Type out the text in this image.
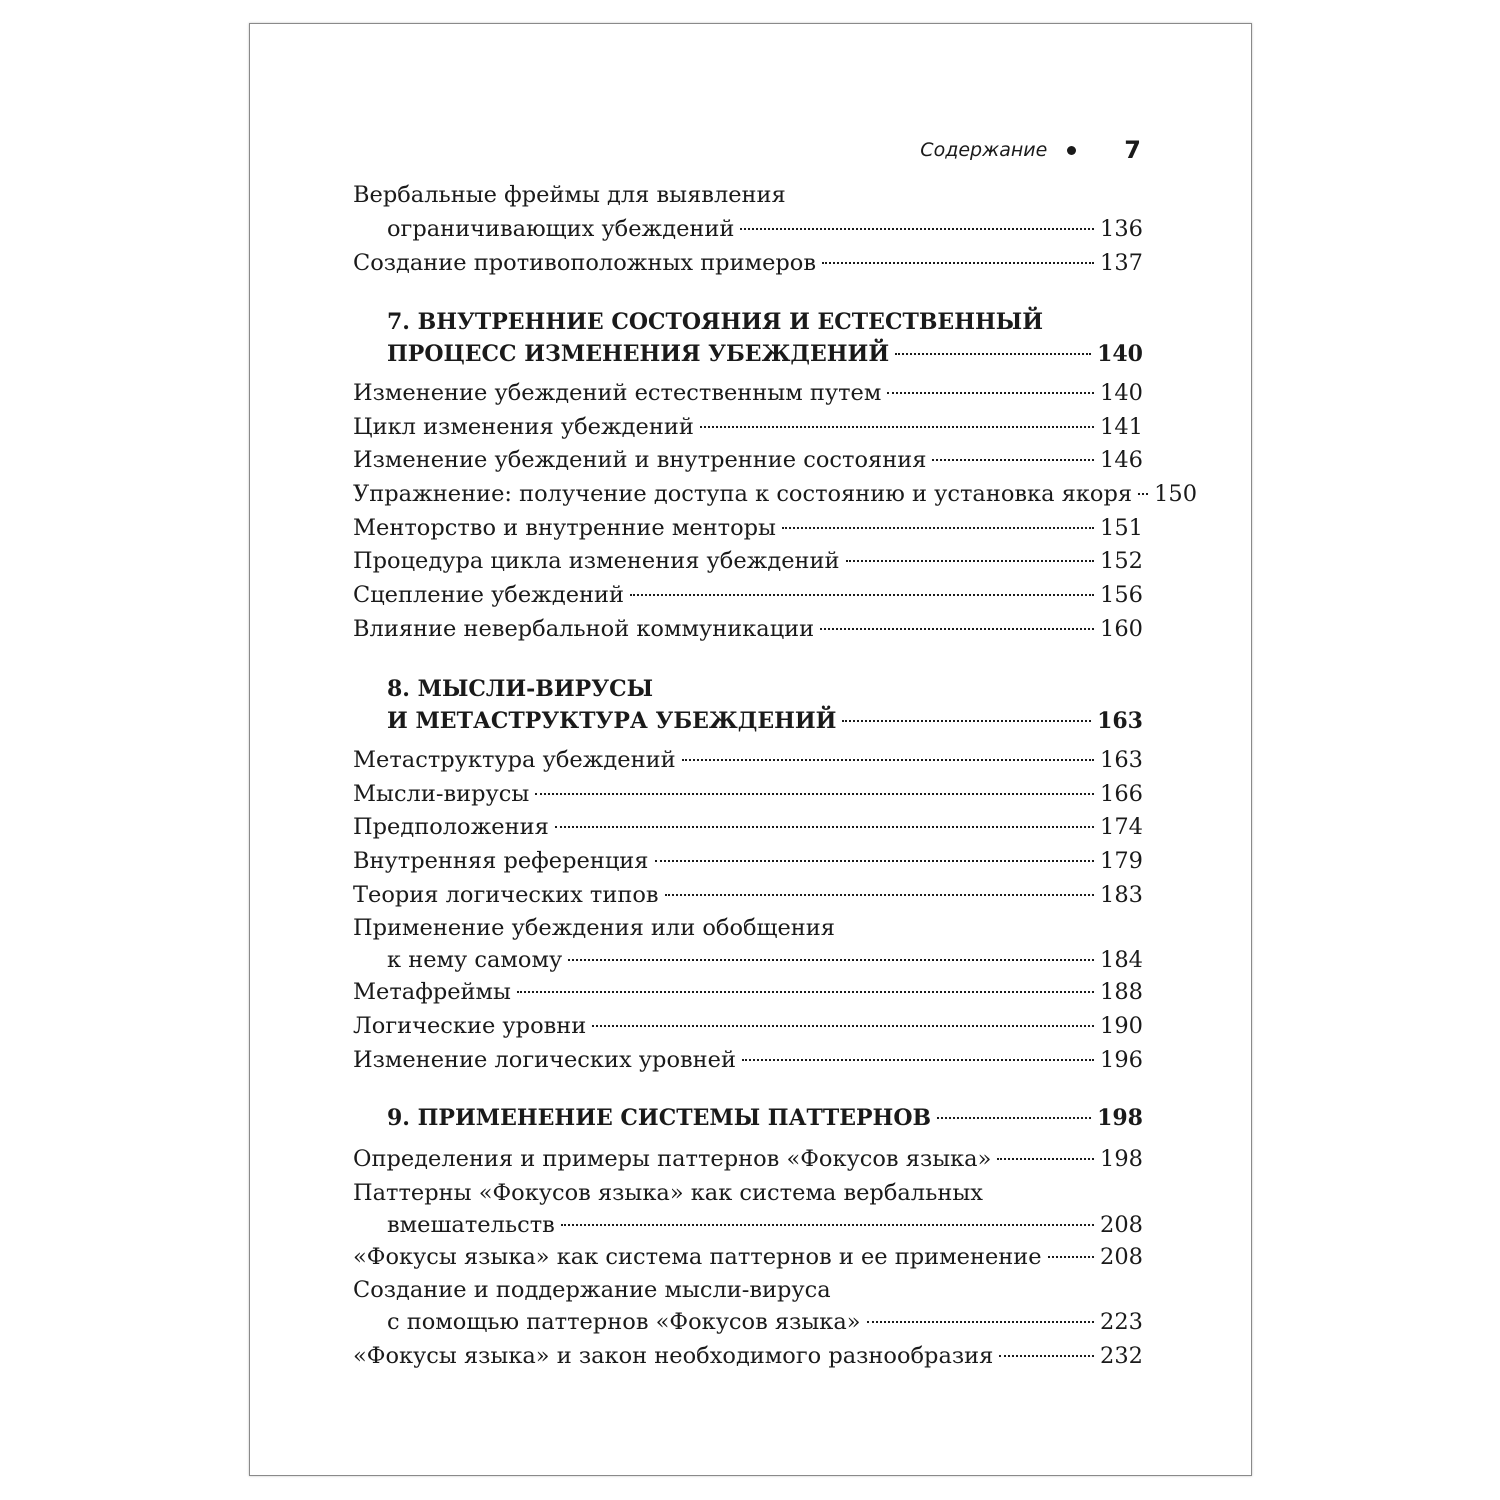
Содержание	7
Вербальные фреймы для выявления
ограничивающих убеждений	136
Создание противоположных примеров	137
7. ВНУТРЕННИЕ СОСТОЯНИЯ И ЕСТЕСТВЕННЫЙ
ПРОЦЕСС ИЗМЕНЕНИЯ УБЕЖДЕНИЙ	140
Изменение убеждений естественным путем	140
Цикл изменения убеждений	141
Изменение убеждений и внутренние состояния	146
Упражнение: получение доступа к состоянию и установка якоря 150
Менторство и внутренние менторы	151
Процедура цикла изменения убеждений	152
Сцепление убеждений	156
Влияние невербальной коммуникации	160
8. МЫСЛИ-ВИРУСЫ
И МЕТАСТРУКТУРА УБЕЖДЕНИЙ	163
Метаструктура убеждений	163
Мысли-вирусы	166
Предположения	174
Внутренняя референция	179
Теория логических типов	183
Применение убеждения или обобщения
к нему самому	184
Метафреймы	188
Логические уровни	190
Изменение логических уровней	196
9. ПРИМЕНЕНИЕ СИСТЕМЫ ПАТТЕРНОВ	198
Определения и примеры паттернов «Фокусов языка»	198
Паттерны «Фокусов языка» как система вербальных
вмешательств	208
«Фокусы языка» как система паттернов и ее применение	208
Создание и поддержание мысли-вируса
с помощью паттернов «Фокусов языка»	223
«Фокусы языка» и закон необходимого разнообразия	232
